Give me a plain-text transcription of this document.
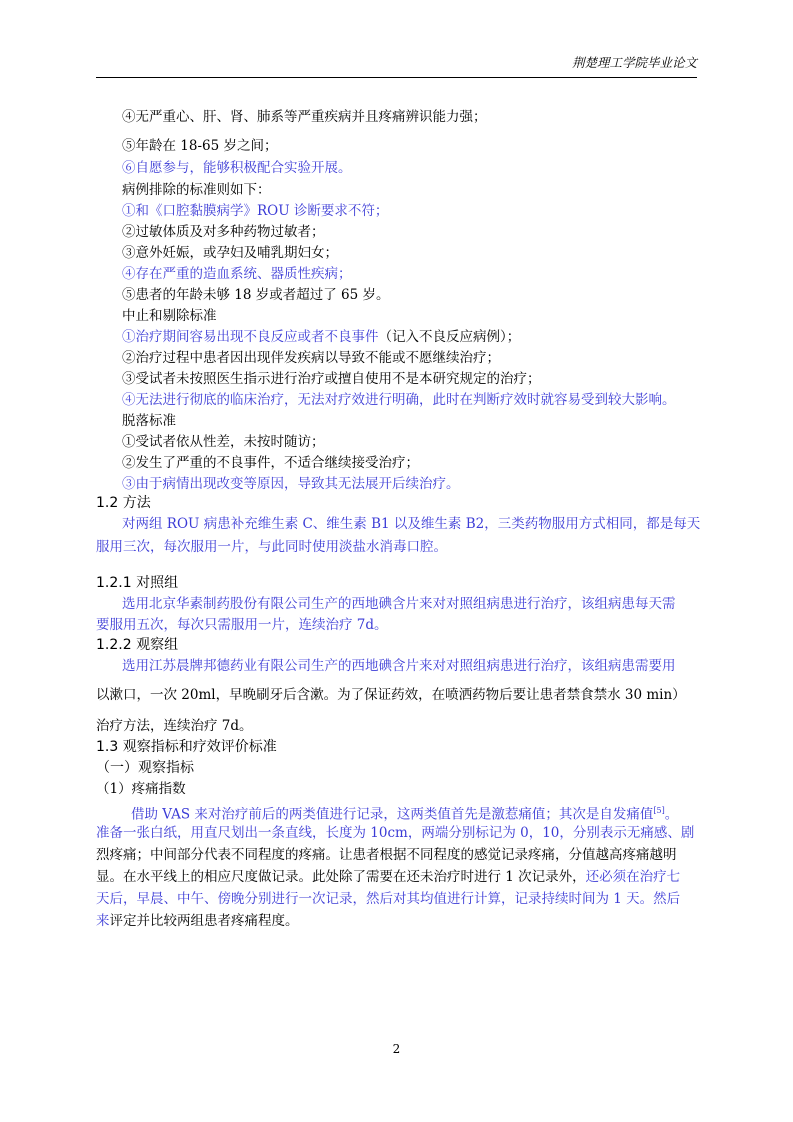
荆楚理工学院毕业论文
④无严重心、肝、肾、肺系等严重疾病并且疼痛辨识能力强；
⑤年龄在 18-65 岁之间；
⑥自愿参与，能够积极配合实验开展。
病例排除的标准则如下：
①和《口腔黏膜病学》ROU 诊断要求不符；
②过敏体质及对多种药物过敏者；
③意外妊娠，或孕妇及哺乳期妇女；
④存在严重的造血系统、器质性疾病；
⑤患者的年龄未够 18 岁或者超过了 65 岁。
中止和剔除标准
①治疗期间容易出现不良反应或者不良事件（记入不良反应病例）；
②治疗过程中患者因出现伴发疾病以导致不能或不愿继续治疗；
③受试者未按照医生指示进行治疗或擅自使用不是本研究规定的治疗；
④无法进行彻底的临床治疗，无法对疗效进行明确，此时在判断疗效时就容易受到较大影响。
脱落标准
①受试者依从性差，未按时随访；
②发生了严重的不良事件，不适合继续接受治疗；
③由于病情出现改变等原因，导致其无法展开后续治疗。
1.2 方法
对两组 ROU 病患补充维生素 C、维生素 B1 以及维生素 B2，三类药物服用方式相同，都是每天
服用三次，每次服用一片，与此同时使用淡盐水消毒口腔。
1.2.1 对照组
选用北京华素制药股份有限公司生产的西地碘含片来对对照组病患进行治疗，该组病患每天需
要服用五次，每次只需服用一片，连续治疗 7d。
1.2.2 观察组
选用江苏晨牌邦德药业有限公司生产的西地碘含片来对对照组病患进行治疗，该组病患需要用
以漱口，一次 20ml，早晚刷牙后含漱。为了保证药效，在喷洒药物后要让患者禁食禁水 30 min）
治疗方法，连续治疗 7d。
1.3 观察指标和疗效评价标准
（一）观察指标
（1）疼痛指数
借助 VAS 来对治疗前后的两类值进行记录，这两类值首先是激惹痛值；其次是自发痛值[5]。
准备一张白纸，用直尺划出一条直线，长度为 10cm，两端分别标记为 0，10，分别表示无痛感、剧
烈疼痛；中间部分代表不同程度的疼痛。让患者根据不同程度的感觉记录疼痛，分值越高疼痛越明
显。在水平线上的相应尺度做记录。此处除了需要在还未治疗时进行 1 次记录外，还必须在治疗七
天后，早晨、中午、傍晚分别进行一次记录，然后对其均值进行计算，记录持续时间为 1 天。然后
来评定并比较两组患者疼痛程度。
2
